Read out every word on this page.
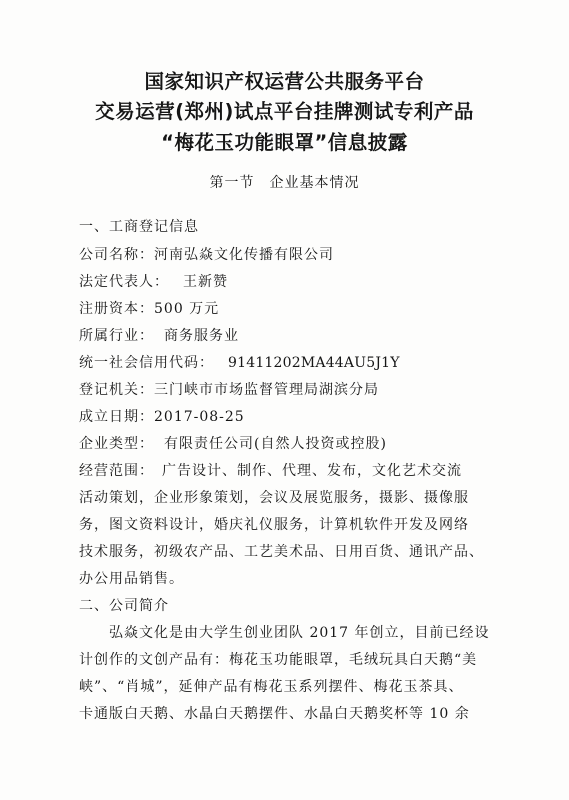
国家知识产权运营公共服务平台
交易运营(郑州)试点平台挂牌测试专利产品
“梅花玉功能眼罩”信息披露
第一节　企业基本情况
一、工商登记信息
公司名称：河南弘焱文化传播有限公司
法定代表人： 王新赞
注册资本：500 万元
所属行业： 商务服务业
统一社会信用代码： 91411202MA44AU5J1Y
登记机关：三门峡市市场监督管理局湖滨分局
成立日期：2017-08-25
企业类型： 有限责任公司(自然人投资或控股)
经营范围：　广告设计、制作、代理、发布，文化艺术交流
活动策划，企业形象策划，会议及展览服务，摄影、摄像服
务，图文资料设计，婚庆礼仪服务，计算机软件开发及网络
技术服务，初级农产品、工艺美术品、日用百货、通讯产品、
办公用品销售。
二、公司简介
弘焱文化是由大学生创业团队 2017 年创立，目前已经设
计创作的文创产品有：梅花玉功能眼罩，毛绒玩具白天鹅“美
峡”、“肖城”，延伸产品有梅花玉系列摆件、梅花玉茶具、
卡通版白天鹅、水晶白天鹅摆件、水晶白天鹅奖杯等 10 余
